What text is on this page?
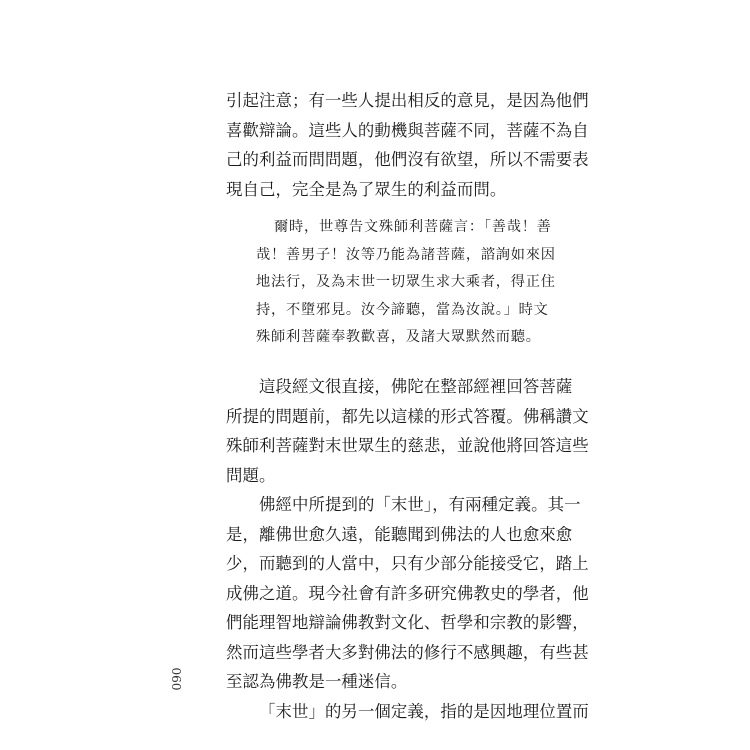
引起注意；有一些人提出相反的意見，是因為他們
喜歡辯論。這些人的動機與菩薩不同，菩薩不為自
己的利益而問問題，他們沒有欲望，所以不需要表
現自己，完全是為了眾生的利益而問。
爾時，世尊告文殊師利菩薩言：「善哉！善
哉！善男子！汝等乃能為諸菩薩，諮詢如來因
地法行，及為末世一切眾生求大乘者，得正住
持，不墮邪見。汝今諦聽，當為汝說。」時文
殊師利菩薩奉教歡喜，及諸大眾默然而聽。
這段經文很直接，佛陀在整部經裡回答菩薩
所提的問題前，都先以這樣的形式答覆。佛稱讚文
殊師利菩薩對末世眾生的慈悲，並說他將回答這些
問題。
佛經中所提到的「末世」，有兩種定義。其一
是，離佛世愈久遠，能聽聞到佛法的人也愈來愈
少，而聽到的人當中，只有少部分能接受它，踏上
成佛之道。現今社會有許多研究佛教史的學者，他
們能理智地辯論佛教對文化、哲學和宗教的影響，
然而這些學者大多對佛法的修行不感興趣，有些甚
至認為佛教是一種迷信。
「末世」的另一個定義，指的是因地理位置而
060
